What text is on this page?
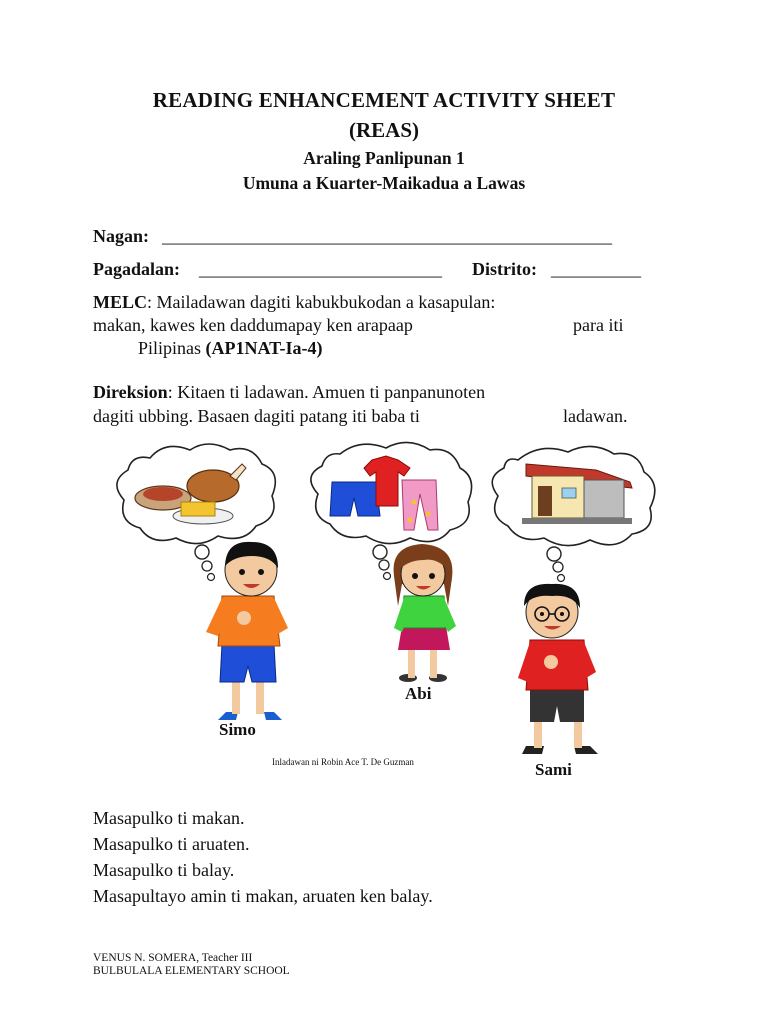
READING ENHANCEMENT ACTIVITY SHEET
(REAS)
Araling Panlipunan 1
Umuna a Kuarter-Maikadua a Lawas
Nagan: __________________________________________________
Pagadalan: ___________________________ Distrito: __________
MELC: Mailadawan dagiti kabukbukodan a kasapulan:
makan, kawes ken daddumapay ken arapaap	para iti
Pilipinas (AP1NAT-Ia-4)
Direksion: Kitaen ti ladawan. Amuen ti panpanunoten
dagiti ubbing. Basaen dagiti patang iti baba ti	ladawan.
Abi
Simo
Inladawan ni Robin Ace T. De Guzman	Sami
Masapulko ti makan.
Masapulko ti aruaten.
Masapulko ti balay.
Masapultayo amin ti makan, aruaten ken balay.
VENUS N. SOMERA, Teacher III
BULBULALA ELEMENTARY SCHOOL
